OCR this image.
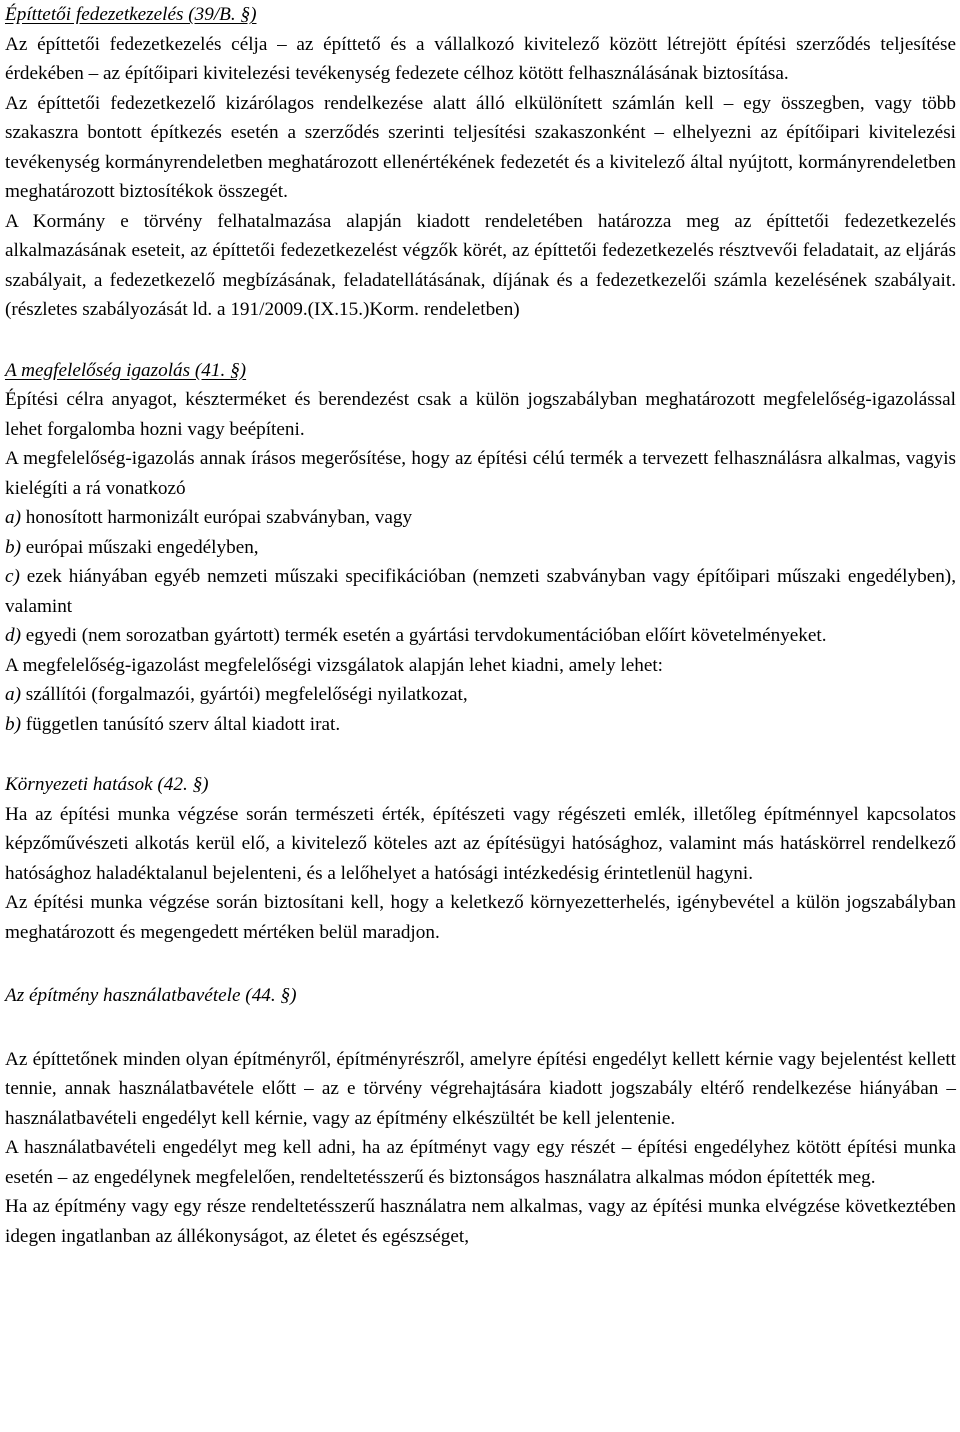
Építtetői fedezetkezelés (39/B. §)

Az építtetői fedezetkezelés célja – az építtető és a vállalkozó kivitelező között létrejött építési szerződés teljesítése érdekében – az építőipari kivitelezési tevékenység fedezete célhoz kötött felhasználásának biztosítása.

Az építtetői fedezetkezelő kizárólagos rendelkezése alatt álló elkülönített számlán kell – egy összegben, vagy több szakaszra bontott építkezés esetén a szerződés szerinti teljesítési szakaszonként – elhelyezni az építőipari kivitelezési tevékenység kormányrendeletben meghatározott ellenértékének fedezetét és a kivitelező által nyújtott, kormányrendeletben meghatározott biztosítékok összegét.

A Kormány e törvény felhatalmazása alapján kiadott rendeletében határozza meg az építtetői fedezetkezelés alkalmazásának eseteit, az építtetői fedezetkezelést végzők körét, az építtetői fedezetkezelés résztvevői feladatait, az eljárás szabályait, a fedezetkezelő megbízásának, feladatellátásának, díjának és a fedezetkezelői számla kezelésének szabályait. (részletes szabályozását ld. a 191/2009.(IX.15.)Korm. rendeletben)

A megfelelőség igazolás (41. §)

Építési célra anyagot, készterméket és berendezést csak a külön jogszabályban meghatározott megfelelőség-igazolással lehet forgalomba hozni vagy beépíteni.

A megfelelőség-igazolás annak írásos megerősítése, hogy az építési célú termék a tervezett felhasználásra alkalmas, vagyis kielégíti a rá vonatkozó

a) honosított harmonizált európai szabványban, vagy

b) európai műszaki engedélyben,

c) ezek hiányában egyéb nemzeti műszaki specifikációban (nemzeti szabványban vagy építőipari műszaki engedélyben), valamint

d) egyedi (nem sorozatban gyártott) termék esetén a gyártási tervdokumentációban előírt követelményeket.

A megfelelőség-igazolást megfelelőségi vizsgálatok alapján lehet kiadni, amely lehet:

a) szállítói (forgalmazói, gyártói) megfelelőségi nyilatkozat,

b) független tanúsító szerv által kiadott irat.

Környezeti hatások (42. §)

Ha az építési munka végzése során természeti érték, építészeti vagy régészeti emlék, illetőleg építménnyel kapcsolatos képzőművészeti alkotás kerül elő, a kivitelező köteles azt az építésügyi hatósághoz, valamint más hatáskörrel rendelkező hatósághoz haladéktalanul bejelenteni, és a lelőhelyet a hatósági intézkedésig érintetlenül hagyni.

Az építési munka végzése során biztosítani kell, hogy a keletkező környezetterhelés, igénybevétel a külön jogszabályban meghatározott és megengedett mértéken belül maradjon.

Az építmény használatbavétele (44. §)

Az építtetőnek minden olyan építményről, építményrészről, amelyre építési engedélyt kellett kérnie vagy bejelentést kellett tennie, annak használatbavétele előtt – az e törvény végrehajtására kiadott jogszabály eltérő rendelkezése hiányában – használatbavételi engedélyt kell kérnie, vagy az építmény elkészültét be kell jelentenie.

A használatbavételi engedélyt meg kell adni, ha az építményt vagy egy részét – építési engedélyhez kötött építési munka esetén – az engedélynek megfelelően, rendeltetésszerű és biztonságos használatra alkalmas módon építették meg.

Ha az építmény vagy egy része rendeltetésszerű használatra nem alkalmas, vagy az építési munka elvégzése következtében idegen ingatlanban az állékonyságot, az életet és egészséget,
